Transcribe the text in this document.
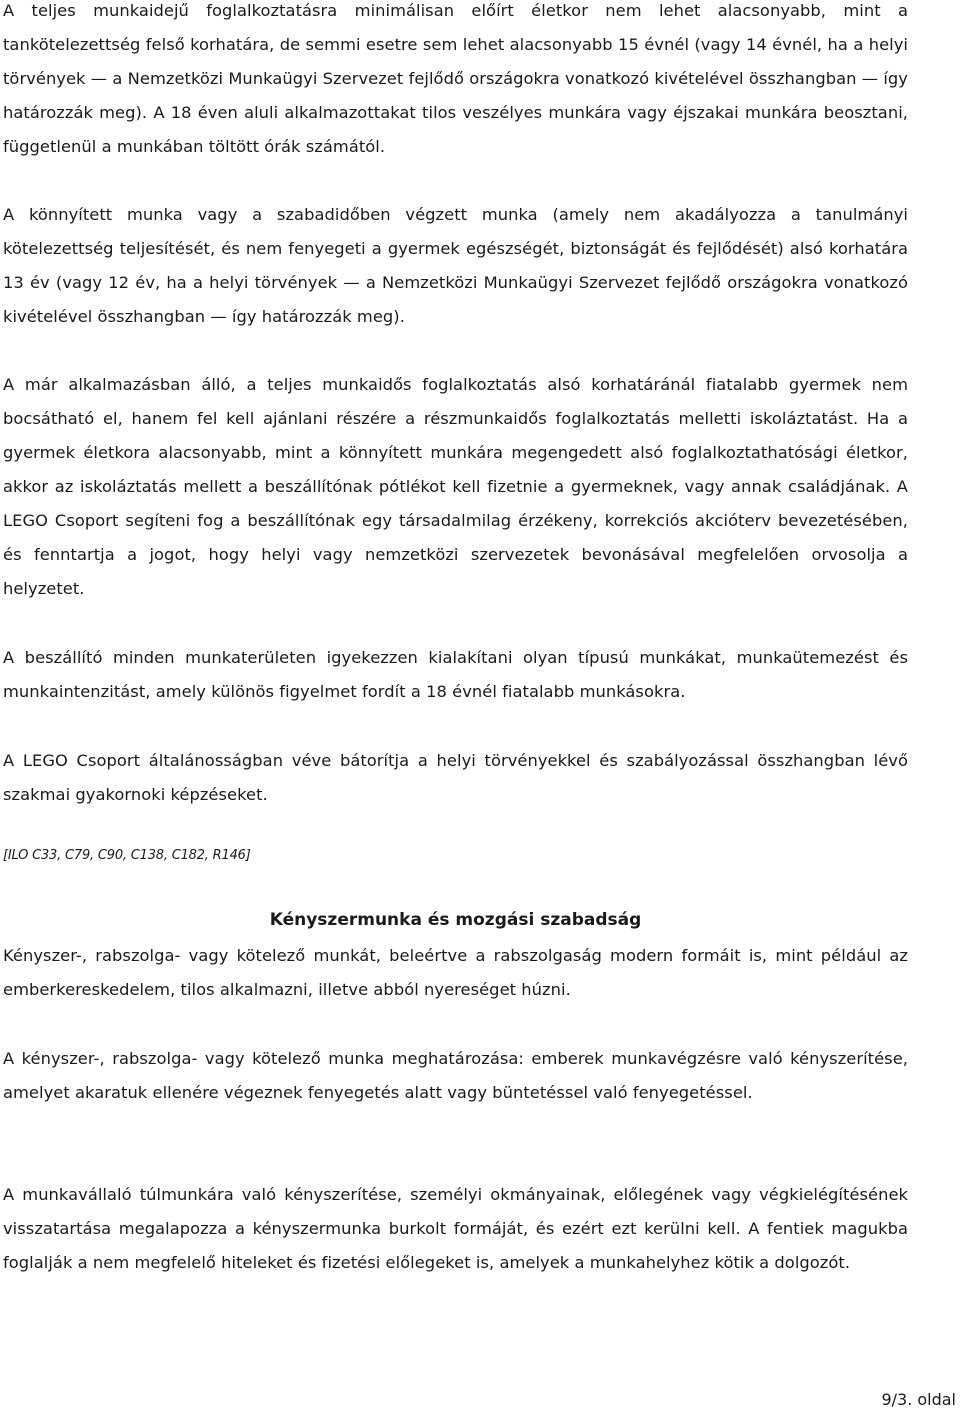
A teljes munkaidejű foglalkoztatásra minimálisan előírt életkor nem lehet alacsonyabb, mint a tankötelezettség felső korhatára, de semmi esetre sem lehet alacsonyabb 15 évnél (vagy 14 évnél, ha a helyi törvények — a Nemzetközi Munkaügyi Szervezet fejlődő országokra vonatkozó kivételével összhangban — így határozzák meg). A 18 éven aluli alkalmazottakat tilos veszélyes munkára vagy éjszakai munkára beosztani, függetlenül a munkában töltött órák számától.

A könnyített munka vagy a szabadidőben végzett munka (amely nem akadályozza a tanulmányi kötelezettség teljesítését, és nem fenyegeti a gyermek egészségét, biztonságát és fejlődését) alsó korhatára 13 év (vagy 12 év, ha a helyi törvények — a Nemzetközi Munkaügyi Szervezet fejlődő országokra vonatkozó kivételével összhangban — így határozzák meg).

A már alkalmazásban álló, a teljes munkaidős foglalkoztatás alsó korhatáránál fiatalabb gyermek nem bocsátható el, hanem fel kell ajánlani részére a részmunkaidős foglalkoztatás melletti iskoláztatást. Ha a gyermek életkora alacsonyabb, mint a könnyített munkára megengedett alsó foglalkoztathatósági életkor, akkor az iskoláztatás mellett a beszállítónak pótlékot kell fizetnie a gyermeknek, vagy annak családjának. A LEGO Csoport segíteni fog a beszállítónak egy társadalmilag érzékeny, korrekciós akcióterv bevezetésében, és fenntartja a jogot, hogy helyi vagy nemzetközi szervezetek bevonásával megfelelően orvosolja a helyzetet.

A beszállító minden munkaterületen igyekezzen kialakítani olyan típusú munkákat, munkaütemezést és munkaintenzitást, amely különös figyelmet fordít a 18 évnél fiatalabb munkásokra.

A LEGO Csoport általánosságban véve bátorítja a helyi törvényekkel és szabályozással összhangban lévő szakmai gyakornoki képzéseket.

[ILO C33, C79, C90, C138, C182, R146]
Kényszermunka és mozgási szabadság

Kényszer-, rabszolga- vagy kötelező munkát, beleértve a rabszolgaság modern formáit is, mint például az emberkereskedelem, tilos alkalmazni, illetve abból nyereséget húzni.

A kényszer-, rabszolga- vagy kötelező munka meghatározása: emberek munkavégzésre való kényszerítése, amelyet akaratuk ellenére végeznek fenyegetés alatt vagy büntetéssel való fenyegetéssel.

A munkavállaló túlmunkára való kényszerítése, személyi okmányainak, előlegének vagy végkielégítésének visszatartása megalapozza a kényszermunka burkolt formáját, és ezért ezt kerülni kell. A fentiek magukba foglalják a nem megfelelő hiteleket és fizetési előlegeket is, amelyek a munkahelyhez kötik a dolgozót.

9/3. oldal
